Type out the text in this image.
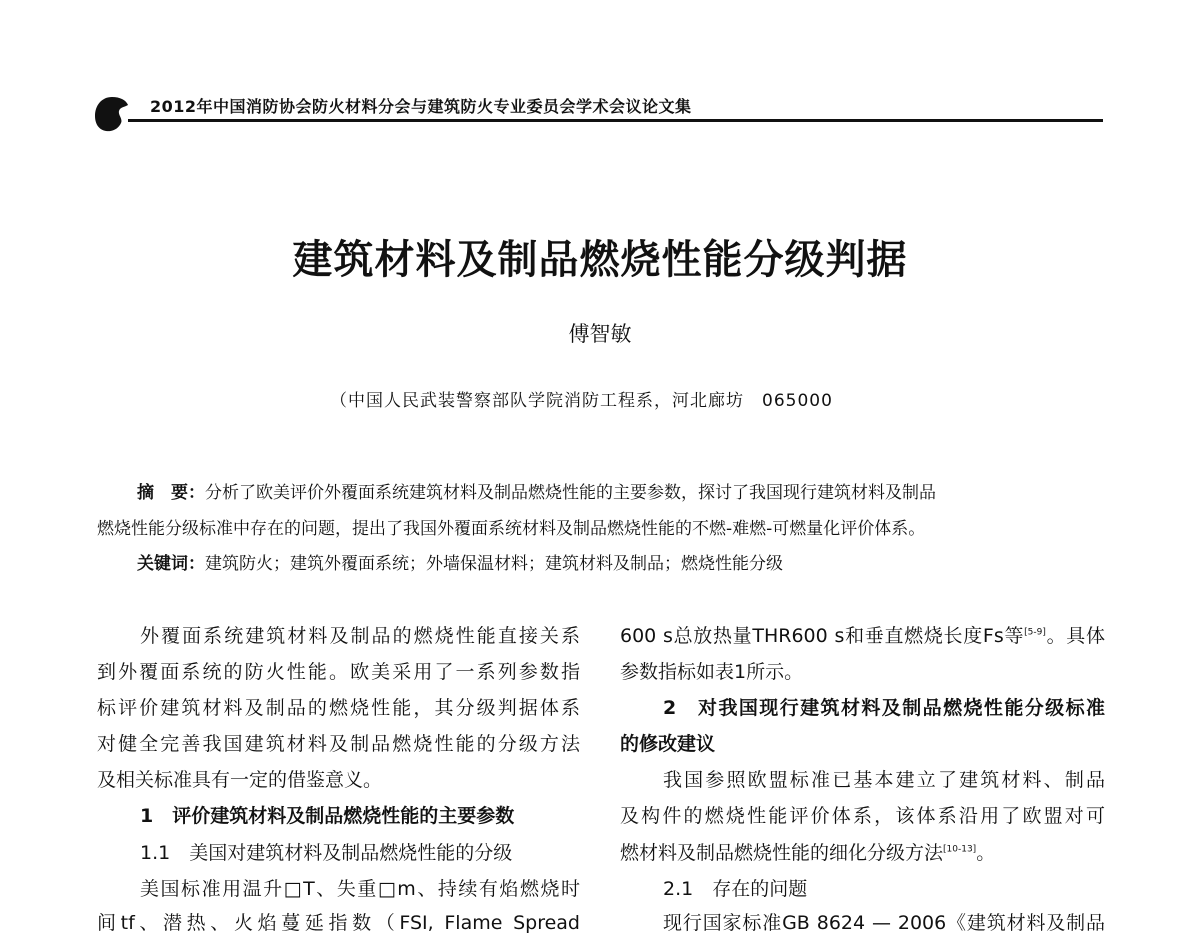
2012年中国消防协会防火材料分会与建筑防火专业委员会学术会议论文集
建筑材料及制品燃烧性能分级判据
傅智敏
（中国人民武装警察部队学院消防工程系，河北廊坊　065000
摘　要：分析了欧美评价外覆面系统建筑材料及制品燃烧性能的主要参数，探讨了我国现行建筑材料及制品
燃烧性能分级标准中存在的问题，提出了我国外覆面系统材料及制品燃烧性能的不燃-难燃-可燃量化评价体系。
关键词：建筑防火；建筑外覆面系统；外墙保温材料；建筑材料及制品；燃烧性能分级
外覆面系统建筑材料及制品的燃烧性能直接关系
到外覆面系统的防火性能。欧美采用了一系列参数指
标评价建筑材料及制品的燃烧性能，其分级判据体系
对健全完善我国建筑材料及制品燃烧性能的分级方法
及相关标准具有一定的借鉴意义。
1　评价建筑材料及制品燃烧性能的主要参数
1.1　美国对建筑材料及制品燃烧性能的分级
美国标准用温升□T、失重□m、持续有焰燃烧时
间tf、潜热、火焰蔓延指数（FSI, Flame Spread
600 s总放热量THR600 s和垂直燃烧长度Fs等[5-9]。具体
参数指标如表1所示。
2　对我国现行建筑材料及制品燃烧性能分级标准
的修改建议
我国参照欧盟标准已基本建立了建筑材料、制品
及构件的燃烧性能评价体系，该体系沿用了欧盟对可
燃材料及制品燃烧性能的细化分级方法[10-13]。
2.1　存在的问题
现行国家标准GB 8624 — 2006《建筑材料及制品
